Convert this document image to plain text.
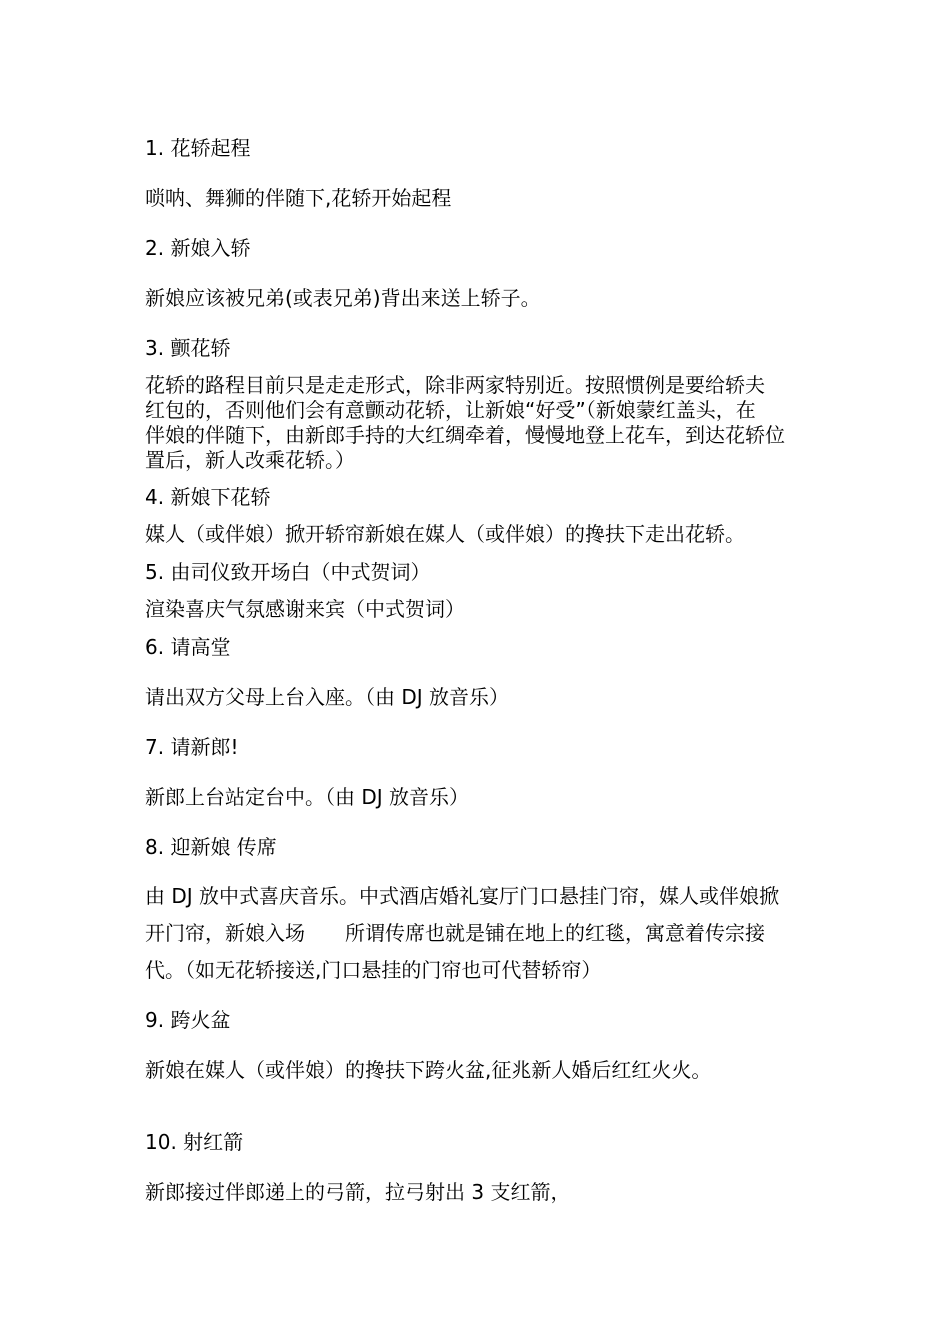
1. 花轿起程

唢呐、舞狮的伴随下,花轿开始起程

2. 新娘入轿

新娘应该被兄弟(或表兄弟)背出来送上轿子。

3. 颤花轿

花轿的路程目前只是走走形式，除非两家特别近。按照惯例是要给轿夫

红包的，否则他们会有意颤动花轿，让新娘“好受”（新娘蒙红盖头，在

伴娘的伴随下，由新郎手持的大红绸牵着，慢慢地登上花车，到达花轿位

置后，新人改乘花轿。）

4. 新娘下花轿

媒人（或伴娘）掀开轿帘新娘在媒人（或伴娘）的搀扶下走出花轿。

5. 由司仪致开场白（中式贺词）

渲染喜庆气氛感谢来宾（中式贺词）

6. 请高堂

请出双方父母上台入座。（由 DJ 放音乐）

7. 请新郎!

新郎上台站定台中。（由 DJ 放音乐）

8. 迎新娘 传席

由 DJ 放中式喜庆音乐。中式酒店婚礼宴厅门口悬挂门帘，媒人或伴娘掀

开门帘，新娘入场　　所谓传席也就是铺在地上的红毯，寓意着传宗接

代。（如无花轿接送,门口悬挂的门帘也可代替轿帘）

9. 跨火盆

新娘在媒人（或伴娘）的搀扶下跨火盆,征兆新人婚后红红火火。

10. 射红箭

新郎接过伴郎递上的弓箭，拉弓射出 3 支红箭，
